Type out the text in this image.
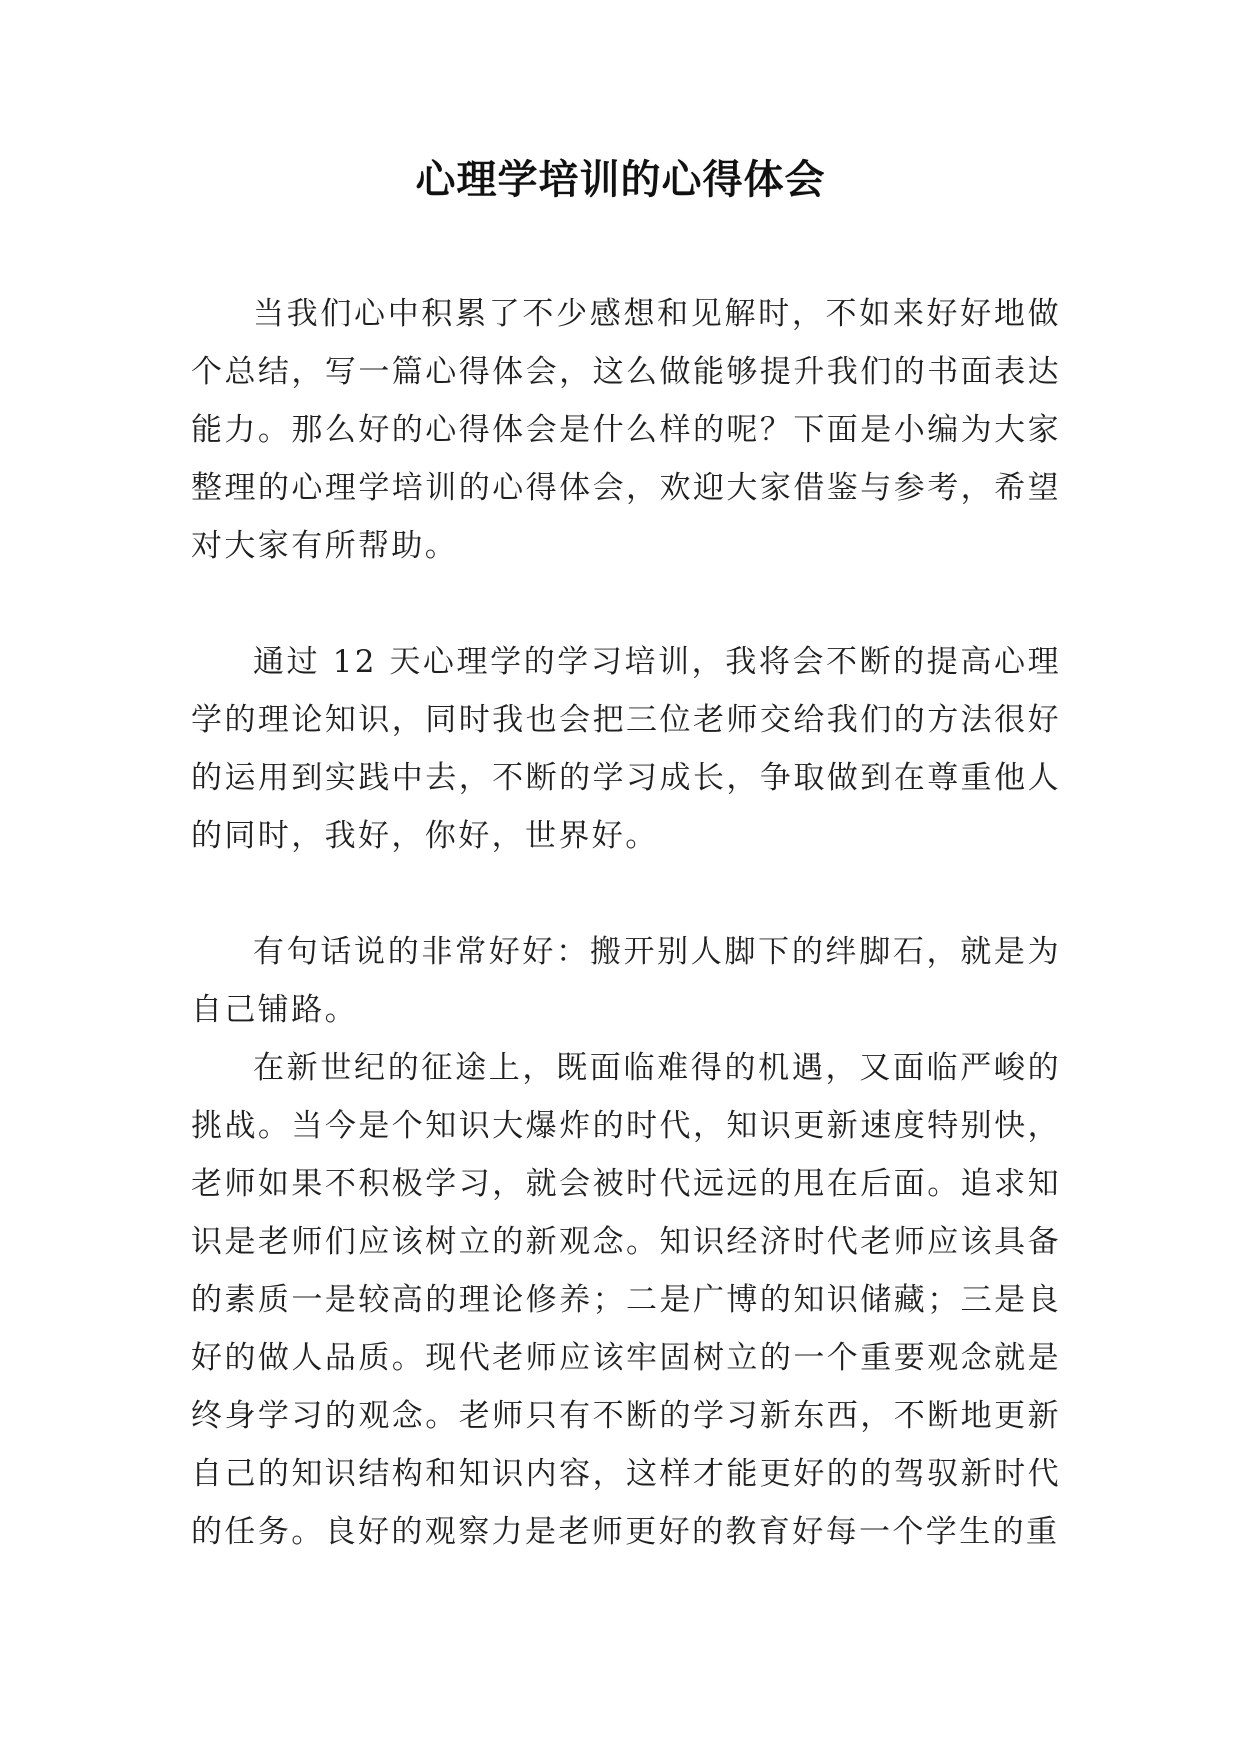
心理学培训的心得体会

当我们心中积累了不少感想和见解时，不如来好好地做个总结，写一篇心得体会，这么做能够提升我们的书面表达能力。那么好的心得体会是什么样的呢？下面是小编为大家整理的心理学培训的心得体会，欢迎大家借鉴与参考，希望对大家有所帮助。

通过 12 天心理学的学习培训，我将会不断的提高心理学的理论知识，同时我也会把三位老师交给我们的方法很好的运用到实践中去，不断的学习成长，争取做到在尊重他人的同时，我好，你好，世界好。

有句话说的非常好好：搬开别人脚下的绊脚石，就是为自己铺路。

在新世纪的征途上，既面临难得的机遇，又面临严峻的挑战。当今是个知识大爆炸的时代，知识更新速度特别快，老师如果不积极学习，就会被时代远远的甩在后面。追求知识是老师们应该树立的新观念。知识经济时代老师应该具备的素质一是较高的理论修养；二是广博的知识储藏；三是良好的做人品质。现代老师应该牢固树立的一个重要观念就是终身学习的观念。老师只有不断的学习新东西，不断地更新自己的知识结构和知识内容，这样才能更好的的驾驭新时代的任务。良好的观察力是老师更好的教育好每一个学生的重
